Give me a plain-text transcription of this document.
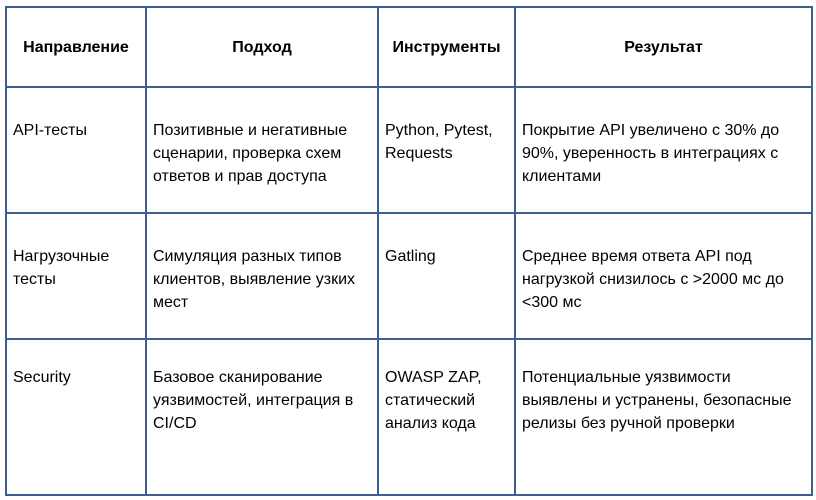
Направление	Подход	Инструменты	Результат
API-тесты	Позитивные и негативные сценарии, проверка схем ответов и прав доступа	Python, Pytest, Requests	Покрытие API увеличено с 30% до 90%, уверенность в интеграциях с клиентами
Нагрузочные тесты	Симуляция разных типов клиентов, выявление узких мест	Gatling	Среднее время ответа API под нагрузкой снизилось с >2000 мс до <300 мс
Security	Базовое сканирование уязвимостей, интеграция в CI/CD	OWASP ZAP, статический анализ кода	Потенциальные уязвимости выявлены и устранены, безопасные релизы без ручной проверки
